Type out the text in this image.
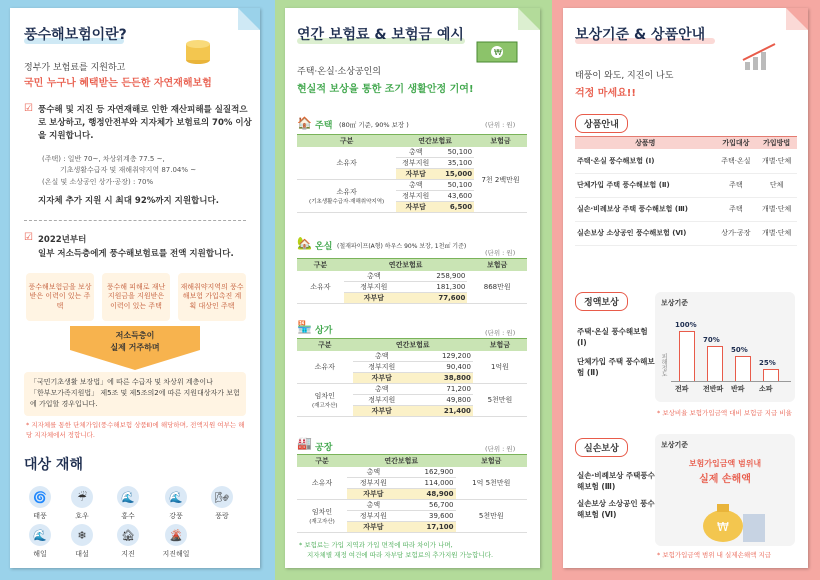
풍수해보험이란?
정부가 보험료를 지원하고
국민 누구나 혜택받는 든든한 자연재해보험
☑ 풍수해 및 지진 등 자연재해로 인한 재산피해를 실질적으로 보상하고, 행정안전부와 지자체가 보험료의 70% 이상을 지원합니다.
(주택) : 일반 70~, 차상위계층 77.5 ~,
기초생활수급자 및 재해취약지역 87.04% ~
(온실 및 소상공인 상가·공장) : 70%
지자체 추가 지원 시 최대 92%까지 지원합니다.
☑ 2022년부터
일부 저소득층에게 풍수해보험료를 전액 지원합니다.
풍수해보험금을 보상받은 이력이 있는 주택
풍수해 피해로 재난지원금을 지원받은 이력이 있는 주택
재해취약지역의 풍수해보험 가입촉진 계획 대상인 주택
저소득층이
실제 거주하며
「국민기초생활 보장법」에 따른 수급자 및 차상위 계층이나
「한부모가족지원법」 제5조 및 제5조의2에 따른 지원대상자가 보험에 가입할 경우입니다.
* 지자체를 통한 단체가입(풍수해보험 상품Ⅱ)에 해당하며, 전액지원 여부는 해당 지자체에서 정합니다.
대상 재해
🌀
태풍
☔
호우
🌊
홍수
🌊
강풍
🌬
풍랑
🌊
해일
❄
대설
🏚
지진
🌋
지진해일
연간 보험료 & 보험금 예시
₩
주택·온실·소상공인의
현실적 보상을 통한 조기 생활안정 기여!
🏠 주택 (80㎡ 기준, 90% 보장 )	(단위 : 원)
구분	연간보험료		보험금

소유자	총액	50,100	7천 2백만원
	정부지원	35,100	
	자부담	15,000	

소유자
(기초생활수급자·재해취약지역)	총액	50,100	
	정부지원	43,600	
	자부담	6,500	
🏡 온실 (철재파이프(A형) 하우스 90% 보장, 1천㎡ 기준)
(단위 : 원)
구분	연간보험료		보험금

소유자	총액	258,900	868만원
	정부지원	181,300	
	자부담	77,600	
🏪 상가	(단위 : 원)
구분	연간보험료		보험금

소유자	총액	129,200	1억원
	정부지원	90,400	
	자부담	38,800	

임차인
(재고자산)	총액	71,200	5천만원
	정부지원	49,800	
	자부담	21,400	
🏭 공장	(단위 : 원)
구분	연간보험료		보험금

소유자	총액	162,900	1억 5천만원
	정부지원	114,000	
	자부담	48,900	

임차인
(재고자산)	총액	56,700	5천만원
	정부지원	39,600	
	자부담	17,100	
* 보험료는 가입 지역과 가입 면적에 따라 차이가 나며,
지자체별 재정 여건에 따라 자부담 보험료의 추가지원 가능합니다.
보상기준 & 상품안내
태풍이 와도, 지진이 나도
걱정 마세요!!
상품안내
상품명	가입대상	가입방법
주택·온실 풍수해보험 (Ⅰ)	주택·온실	개별·단체
단체가입 주택 풍수해보험 (Ⅱ)	주택	단체
실손·비례보상 주택 풍수해보험 (Ⅲ)	주택	개별·단체
실손보상 소상공인 풍수해보험 (Ⅵ)	상가·공장	개별·단체
정액보상
주택·온실 풍수해보험 (Ⅰ)
단체가입 주택 풍수해보험 (Ⅱ)
보상기준
피해정도
100%
전파
70%
전반파
50%
반파
25%
소파
* 보상비율 보험가입금액 대비 보험금 지급 비율
실손보상
실손·비례보상 주택풍수해보험 (Ⅲ)
실손보상 소상공인 풍수해보험 (Ⅵ)
보상기준
보험가입금액 범위내
실제 손해액
₩
* 보험가입금액 범위 내 실제손해액 지급
